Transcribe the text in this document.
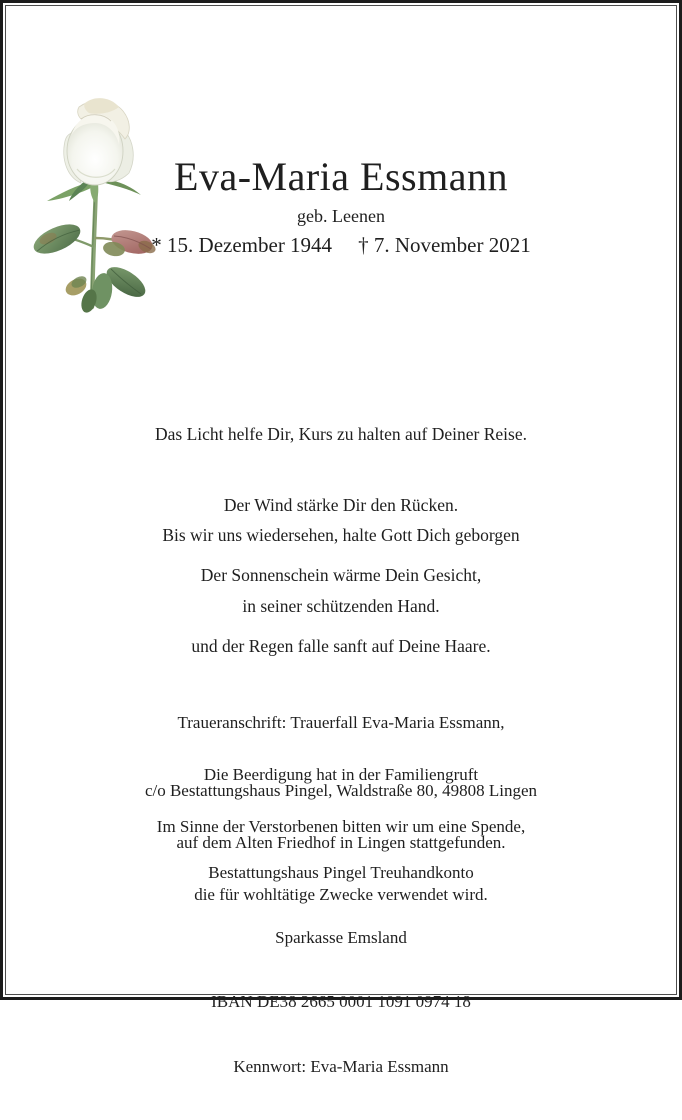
Eva-Maria Essmann
geb. Leenen
* 15. Dezember 1944 † 7. November 2021

Das Licht helfe Dir, Kurs zu halten auf Deiner Reise.

Der Wind stärke Dir den Rücken.

Der Sonnenschein wärme Dein Gesicht,

und der Regen falle sanft auf Deine Haare.

Bis wir uns wiedersehen, halte Gott Dich geborgen

in seiner schützenden Hand.

Traueranschrift: Trauerfall Eva-Maria Essmann,

c/o Bestattungshaus Pingel, Waldstraße 80, 49808 Lingen

Die Beerdigung hat in der Familiengruft

auf dem Alten Friedhof in Lingen stattgefunden.

Im Sinne der Verstorbenen bitten wir um eine Spende,

die für wohltätige Zwecke verwendet wird.

Bestattungshaus Pingel Treuhandkonto

Sparkasse Emsland

IBAN DE38 2665 0001 1091 0974 18

Kennwort: Eva-Maria Essmann
